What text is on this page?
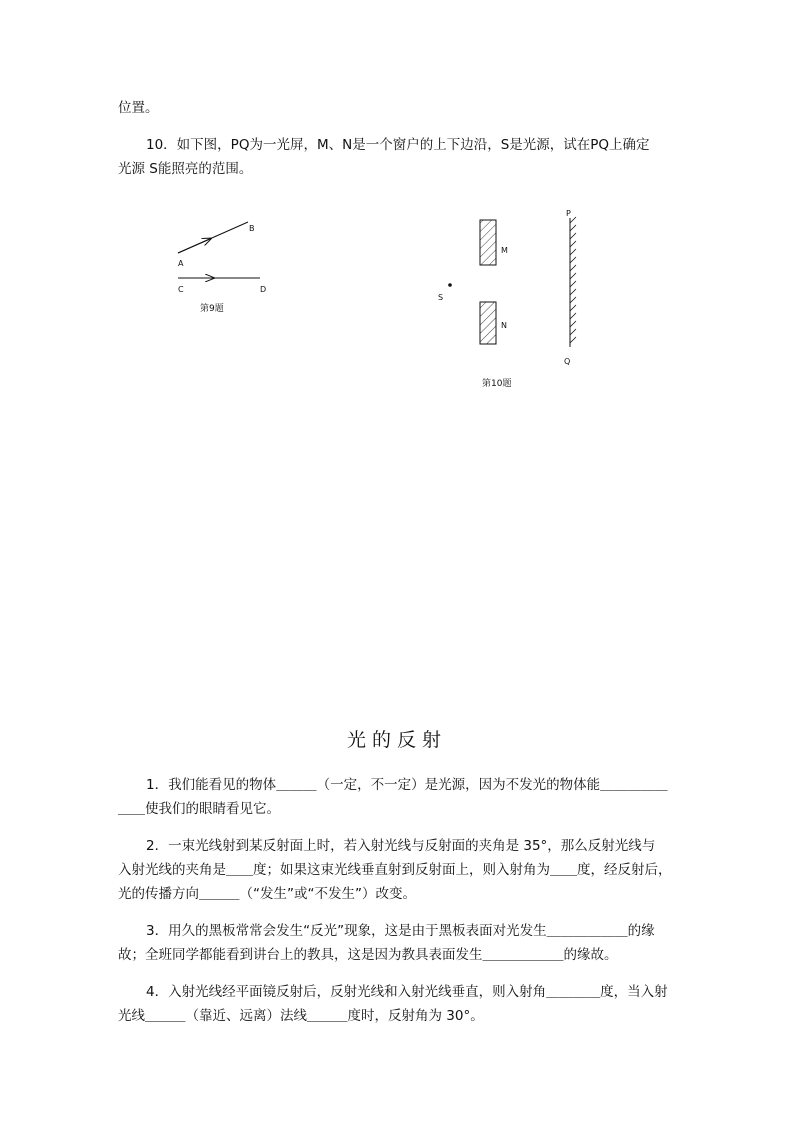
位置。
10．如下图，PQ为一光屏，M、N是一个窗户的上下边沿，S是光源，试在PQ上确定
光源 S能照亮的范围。
A
B
C	D
第9题
M
N
S
P
Q
第10题
光的反射
1．我们能看见的物体＿＿＿（一定，不一定）是光源，因为不发光的物体能＿＿＿＿＿
＿＿使我们的眼睛看见它。
2．一束光线射到某反射面上时，若入射光线与反射面的夹角是 35°，那么反射光线与
入射光线的夹角是＿＿度；如果这束光线垂直射到反射面上，则入射角为＿＿度，经反射后，
光的传播方向＿＿＿（“发生”或“不发生”）改变。
3．用久的黑板常常会发生“反光”现象，这是由于黑板表面对光发生＿＿＿＿＿＿的缘
故；全班同学都能看到讲台上的教具，这是因为教具表面发生＿＿＿＿＿＿的缘故。
4．入射光线经平面镜反射后，反射光线和入射光线垂直，则入射角＿＿＿＿度，当入射
光线＿＿＿（靠近、远离）法线＿＿＿度时，反射角为 30°。
